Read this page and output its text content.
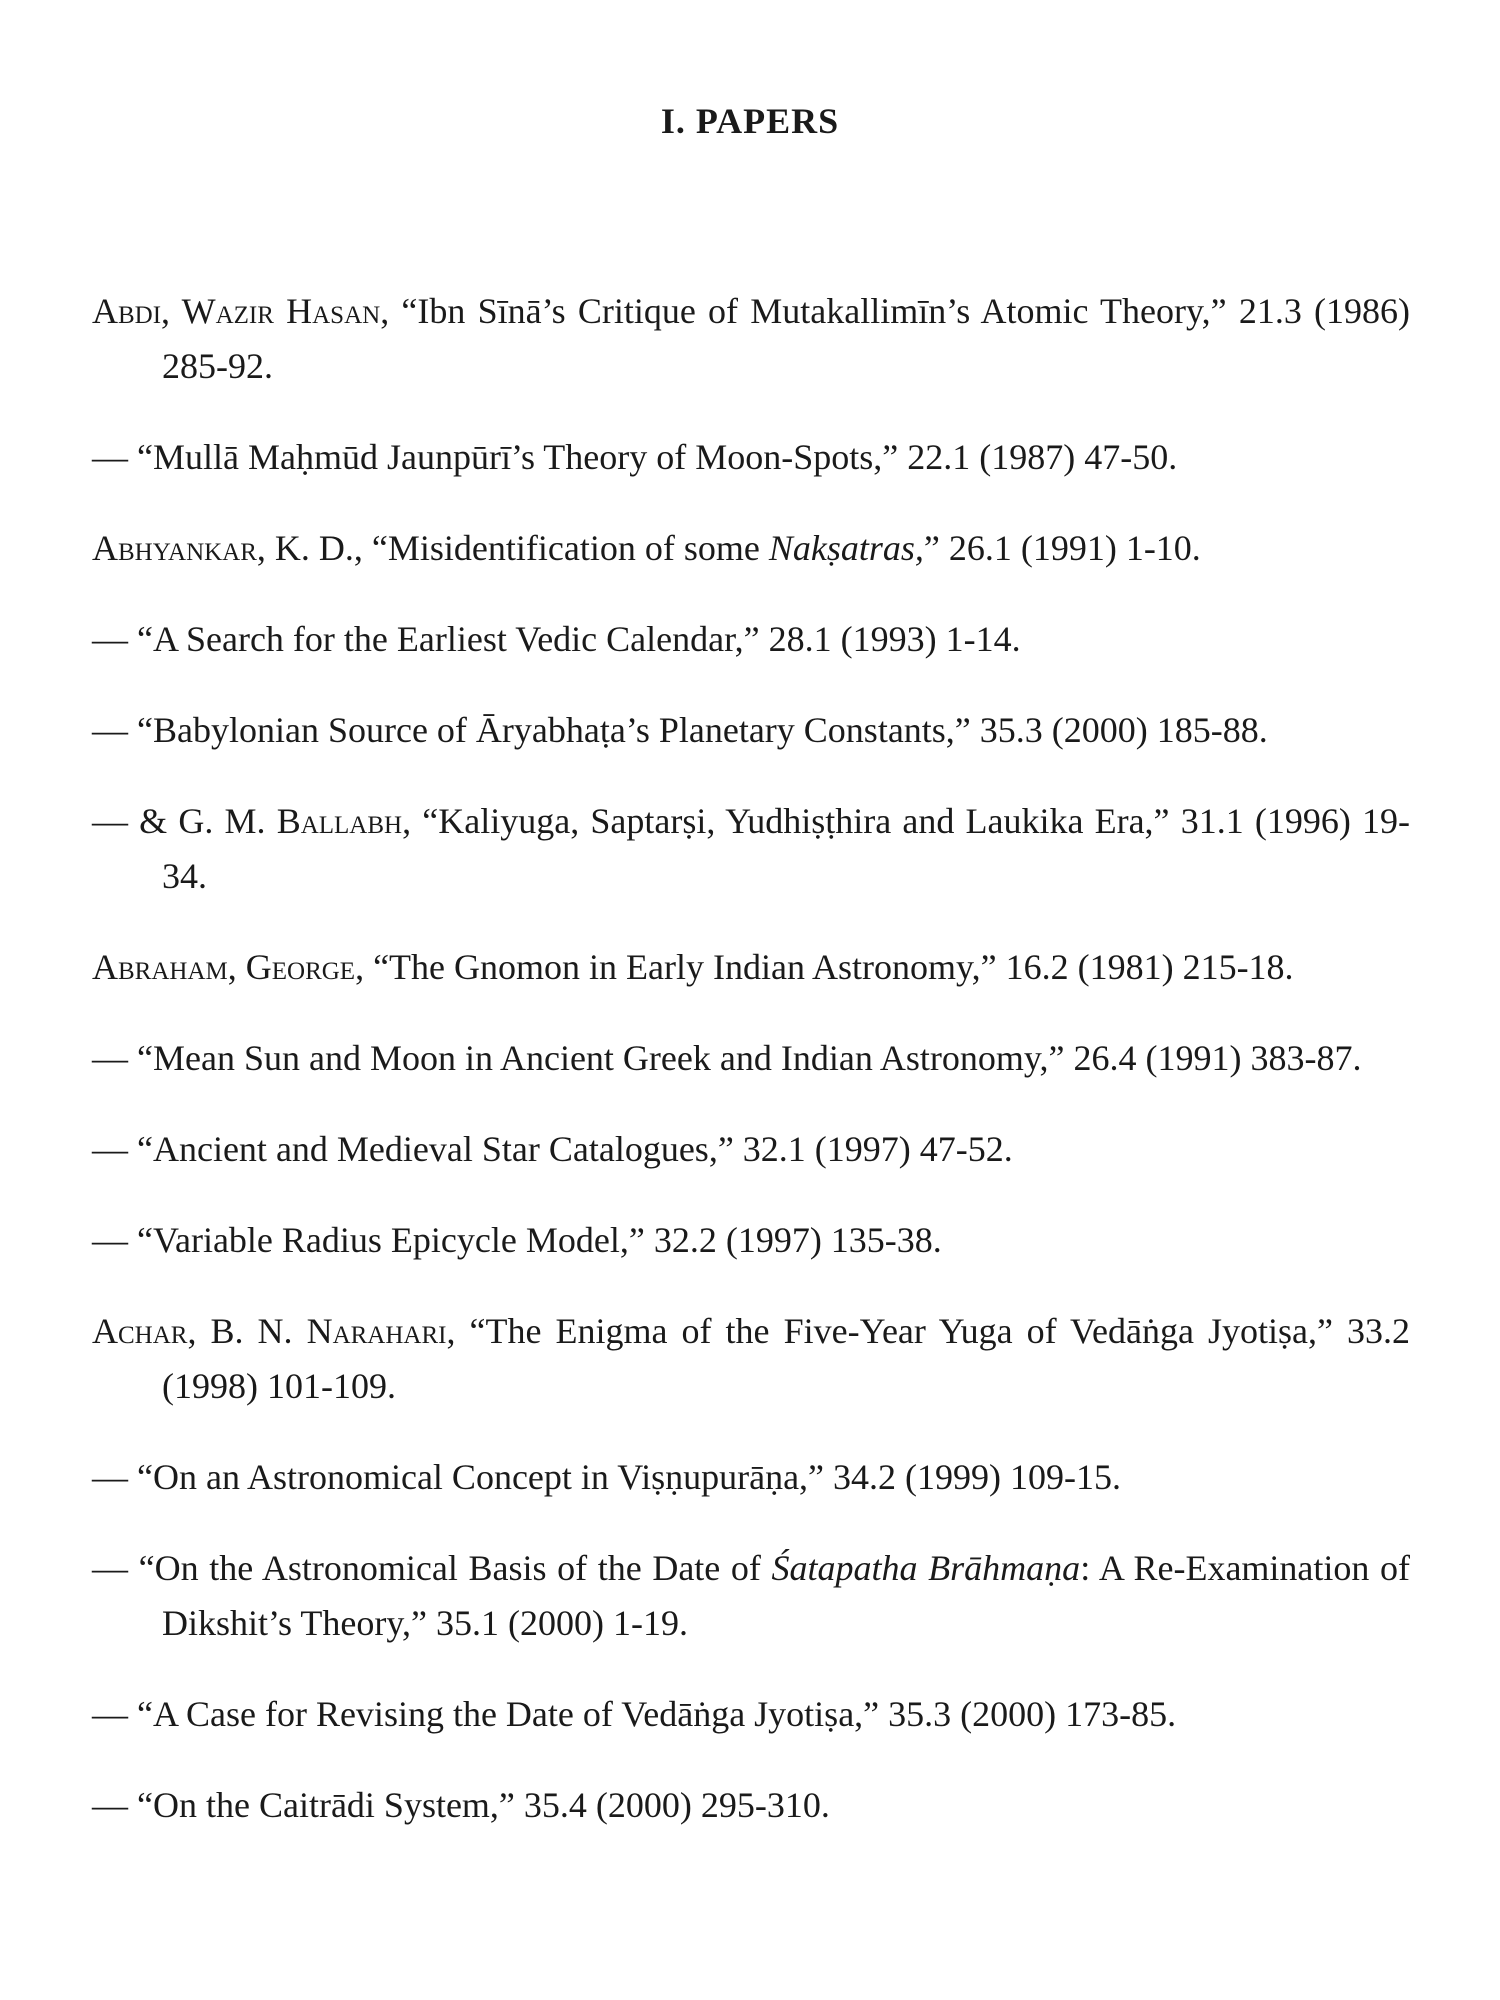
I. PAPERS

Abdi, Wazir Hasan, “Ibn Sīnā’s Critique of Mutakallimīn’s Atomic Theory,” 21.3 (1986) 285-92.

— “Mullā Maḥmūd Jaunpūrī’s Theory of Moon-Spots,” 22.1 (1987) 47-50.

Abhyankar, K. D., “Misidentification of some Nakṣatras,” 26.1 (1991) 1-10.

— “A Search for the Earliest Vedic Calendar,” 28.1 (1993) 1-14.

— “Babylonian Source of Āryabhaṭa’s Planetary Constants,” 35.3 (2000) 185-88.

— & G. M. Ballabh, “Kaliyuga, Saptarṣi, Yudhiṣṭhira and Laukika Era,” 31.1 (1996) 19-34.

Abraham, George, “The Gnomon in Early Indian Astronomy,” 16.2 (1981) 215-18.

— “Mean Sun and Moon in Ancient Greek and Indian Astronomy,” 26.4 (1991) 383-87.

— “Ancient and Medieval Star Catalogues,” 32.1 (1997) 47-52.

— “Variable Radius Epicycle Model,” 32.2 (1997) 135-38.

Achar, B. N. Narahari, “The Enigma of the Five-Year Yuga of Vedāṅga Jyotiṣa,” 33.2 (1998) 101-109.

— “On an Astronomical Concept in Viṣṇupurāṇa,” 34.2 (1999) 109-15.

— “On the Astronomical Basis of the Date of Śatapatha Brāhmaṇa: A Re-Examination of Dikshit’s Theory,” 35.1 (2000) 1-19.

— “A Case for Revising the Date of Vedāṅga Jyotiṣa,” 35.3 (2000) 173-85.

— “On the Caitrādi System,” 35.4 (2000) 295-310.
